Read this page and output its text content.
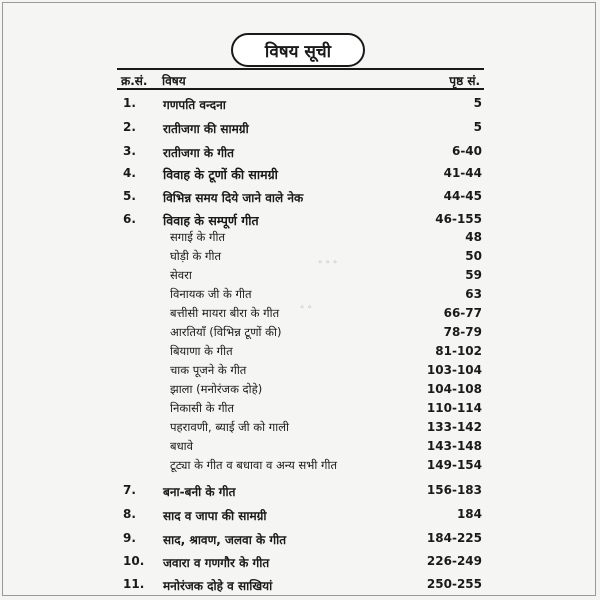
॰ ॰ ॰
॰ ॰
विषय सूची
क्र.सं. विषय	पृष्ठ सं.
1. गणपति वन्दना	5
2. रातीजगा की सामग्री	5
3. रातीजगा के गीत	6-40
4. विवाह के टूणों की सामग्री	41-44
5. विभिन्न समय दिये जाने वाले नेक	44-45
6. विवाह के सम्पूर्ण गीत	46-155
सगाई के गीत	48
घोड़ी के गीत	50
सेवरा	59
विनायक जी के गीत	63
बत्तीसी मायरा बीरा के गीत	66-77
आरतियाँ (विभिन्न टूणों की)	78-79
बियाणा के गीत	81-102
चाक पूजने के गीत	103-104
झाला (मनोरंजक दोहे)	104-108
निकासी के गीत	110-114
पहरावणी, ब्याई जी को गाली	133-142
बधावे	143-148
टूट्या के गीत व बधावा व अन्य सभी गीत	149-154
7. बना-बनी के गीत	156-183
8. साद व जापा की सामग्री	184
9. साद, श्रावण, जलवा के गीत	184-225
10. जवारा व गणगौर के गीत	226-249
11. मनोरंजक दोहे व साखियां	250-255
